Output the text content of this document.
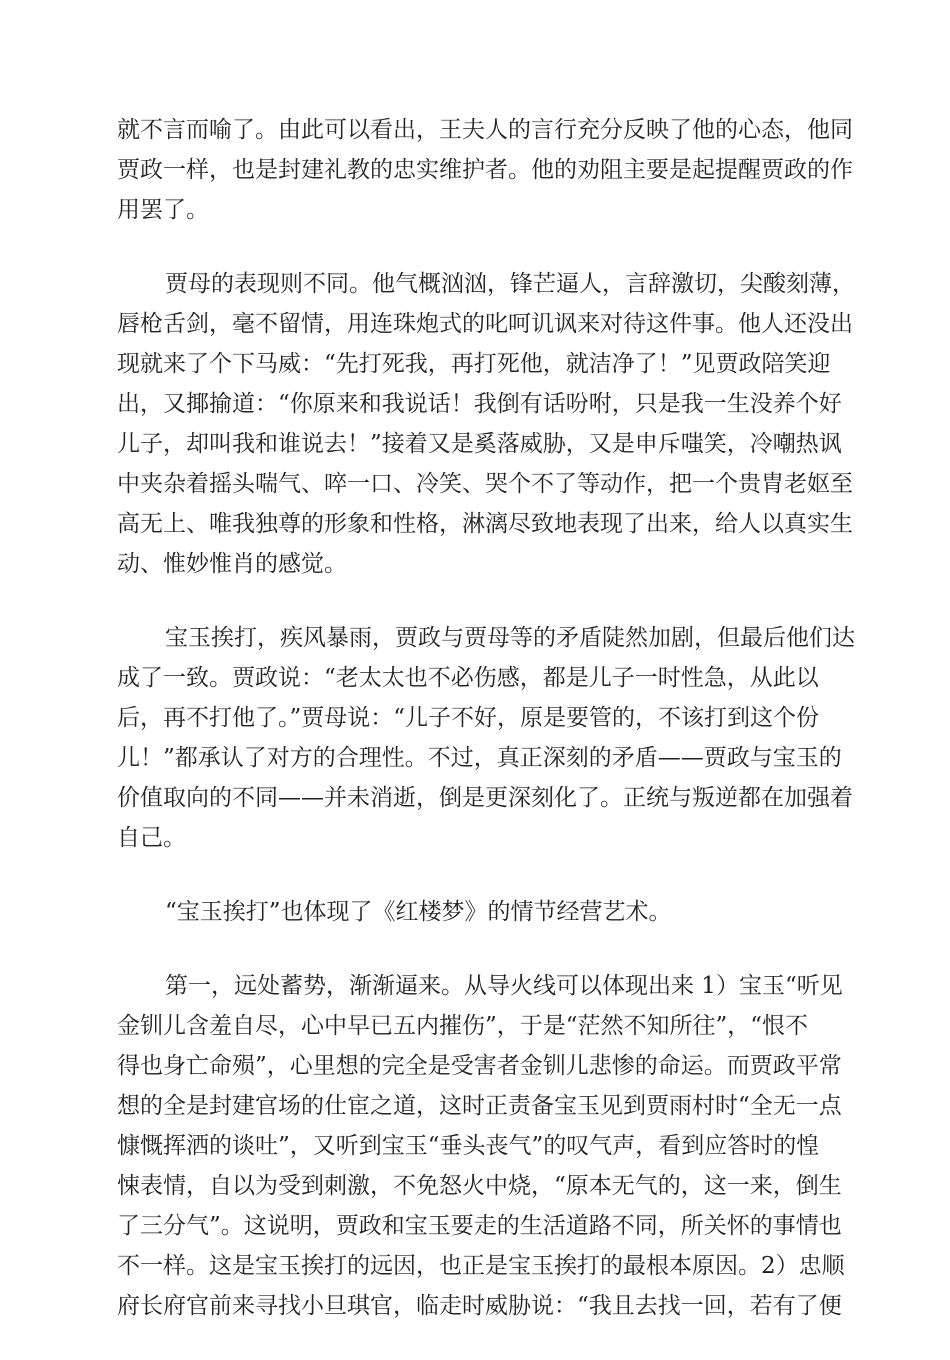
就不言而喻了。由此可以看出，王夫人的言行充分反映了他的心态，他同
贾政一样，也是封建礼教的忠实维护者。他的劝阻主要是起提醒贾政的作
用罢了。

贾母的表现则不同。他气概汹汹，锋芒逼人，言辞激切，尖酸刻薄，
唇枪舌剑，毫不留情，用连珠炮式的叱呵讥讽来对待这件事。他人还没出
现就来了个下马威：“先打死我，再打死他，就洁净了！”见贾政陪笑迎
出，又揶揄道：“你原来和我说话！我倒有话吩咐，只是我一生没养个好
儿子，却叫我和谁说去！”接着又是奚落威胁，又是申斥嗤笑，冷嘲热讽
中夹杂着摇头喘气、啐一口、冷笑、哭个不了等动作，把一个贵胄老妪至
高无上、唯我独尊的形象和性格，淋漓尽致地表现了出来，给人以真实生
动、惟妙惟肖的感觉。

宝玉挨打，疾风暴雨，贾政与贾母等的矛盾陡然加剧，但最后他们达
成了一致。贾政说：“老太太也不必伤感，都是儿子一时性急，从此以
后，再不打他了。”贾母说：“儿子不好，原是要管的，不该打到这个份
儿！”都承认了对方的合理性。不过，真正深刻的矛盾——贾政与宝玉的
价值取向的不同——并未消逝，倒是更深刻化了。正统与叛逆都在加强着
自己。

“宝玉挨打”也体现了《红楼梦》的情节经营艺术。

第一，远处蓄势，渐渐逼来。从导火线可以体现出来 1）宝玉“听见
金钏儿含羞自尽，心中早已五内摧伤”，于是“茫然不知所往”，“恨不
得也身亡命殒”，心里想的完全是受害者金钏儿悲惨的命运。而贾政平常
想的全是封建官场的仕宦之道，这时正责备宝玉见到贾雨村时“全无一点
慷慨挥洒的谈吐”，又听到宝玉“垂头丧气”的叹气声，看到应答时的惶
悚表情，自以为受到刺激，不免怒火中烧，“原本无气的，这一来，倒生
了三分气”。这说明，贾政和宝玉要走的生活道路不同，所关怀的事情也
不一样。这是宝玉挨打的远因，也正是宝玉挨打的最根本原因。2）忠顺
府长府官前来寻找小旦琪官，临走时威胁说：“我且去找一回，若有了便
